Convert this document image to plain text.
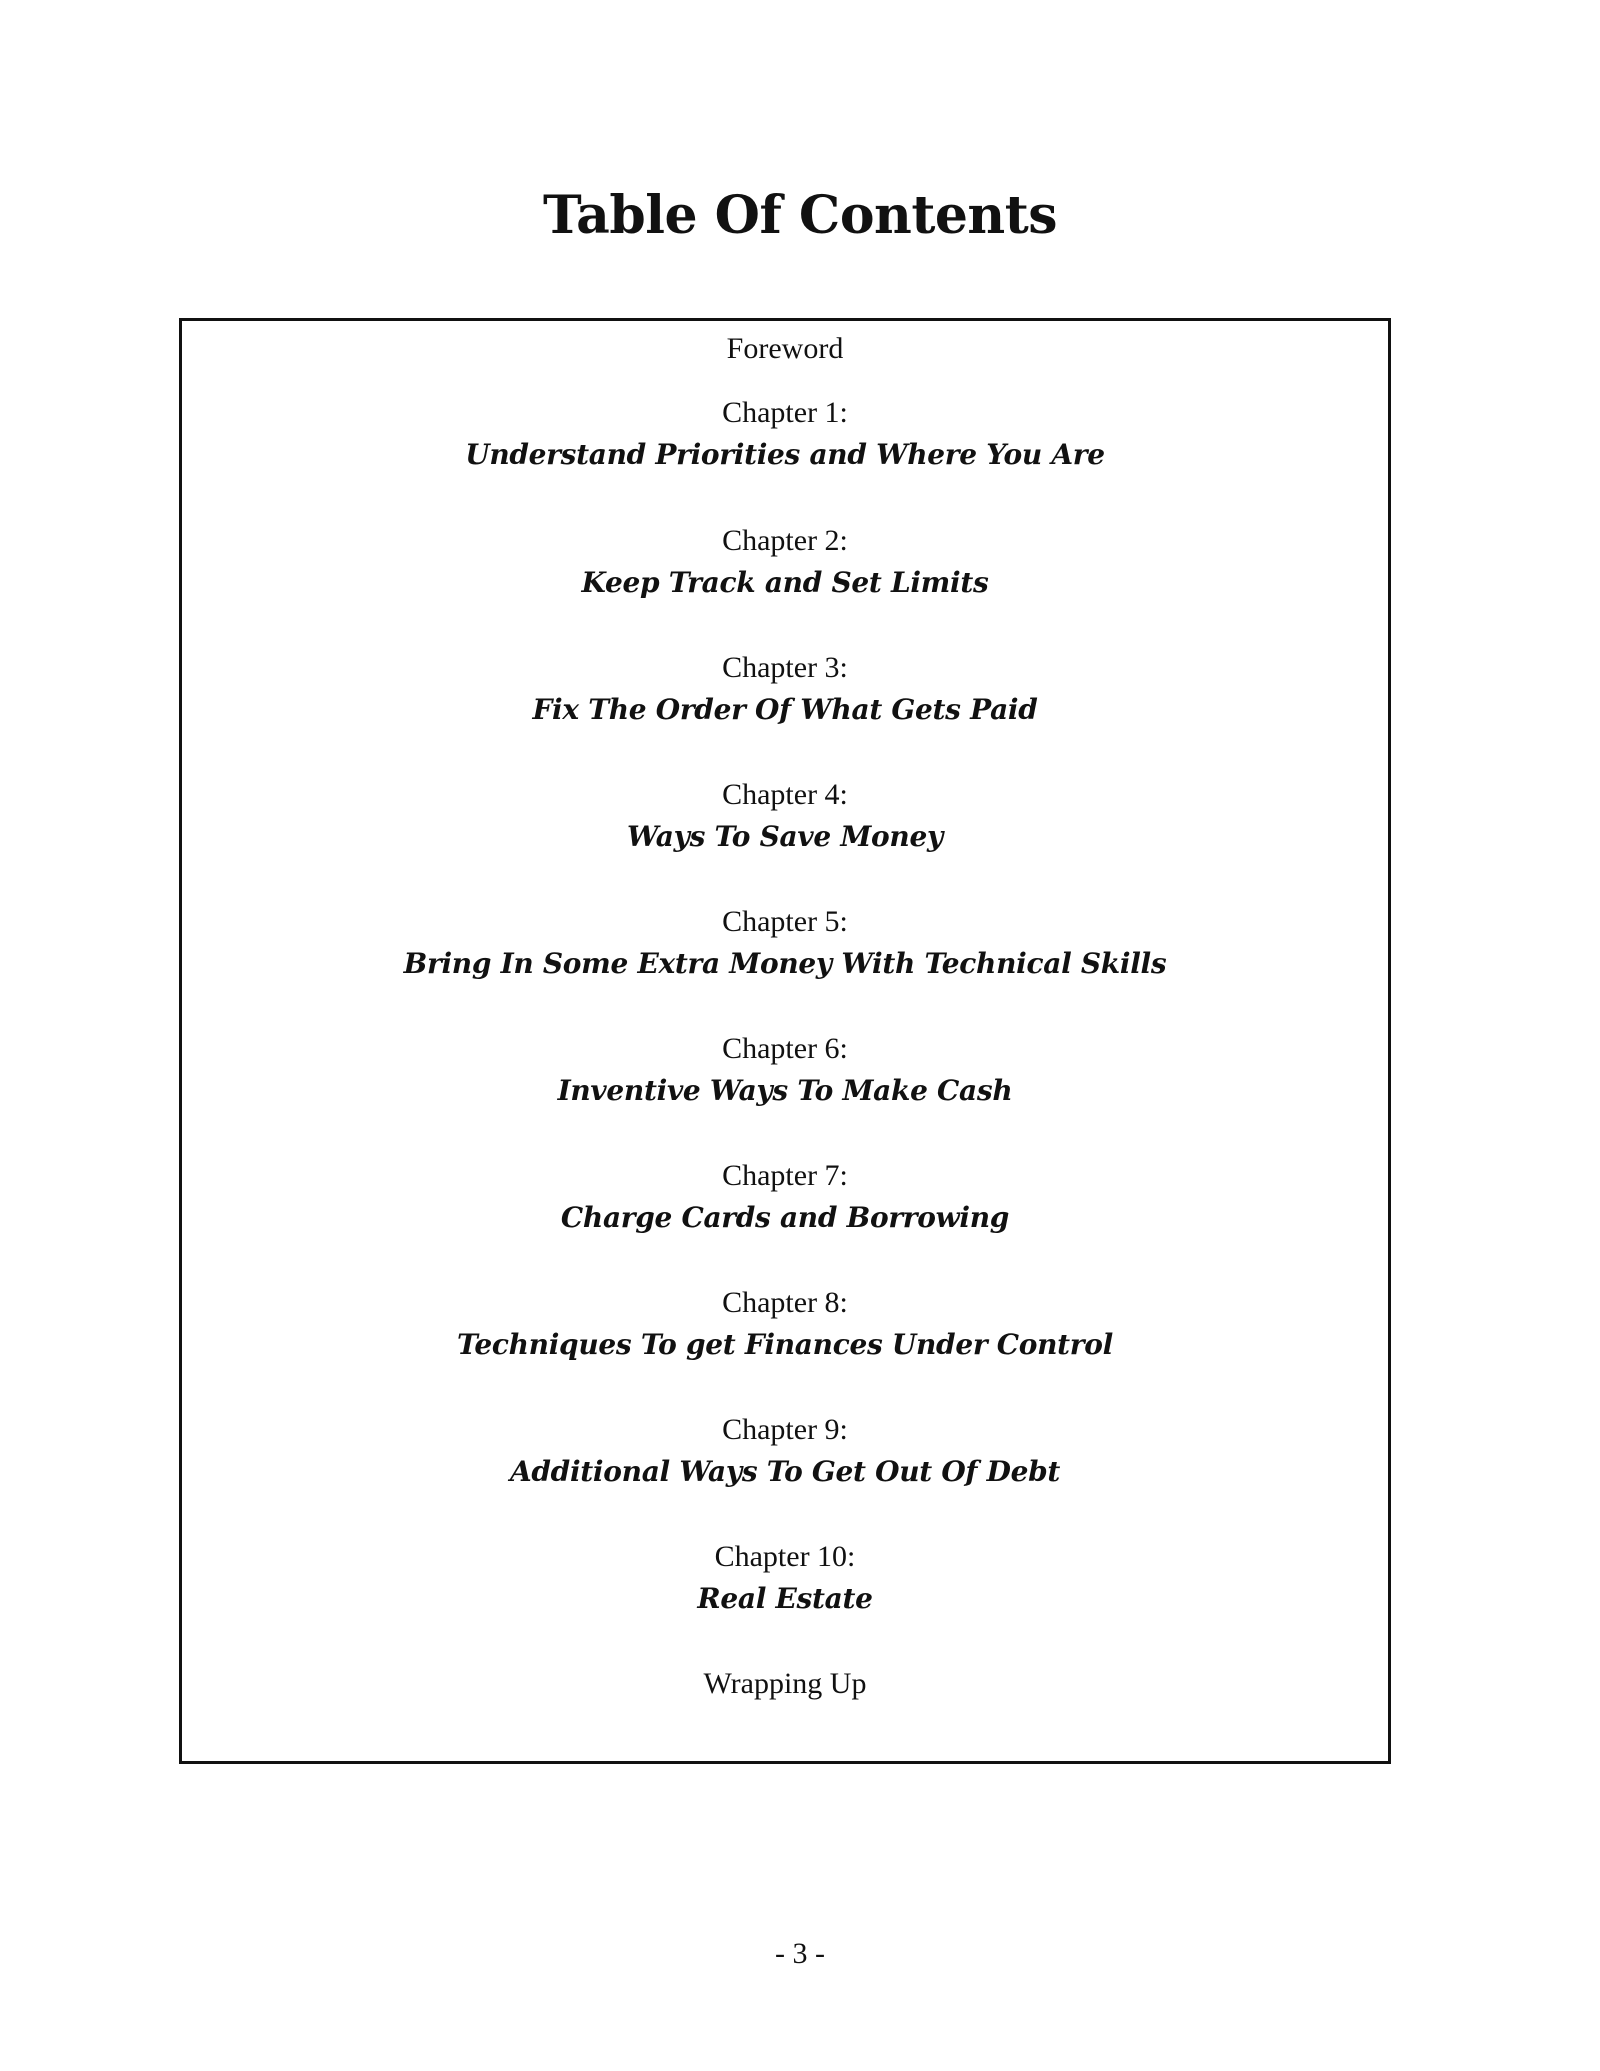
Table Of Contents
Foreword
Chapter 1:
Understand Priorities and Where You Are
Chapter 2:
Keep Track and Set Limits
Chapter 3:
Fix The Order Of What Gets Paid
Chapter 4:
Ways To Save Money
Chapter 5:
Bring In Some Extra Money With Technical Skills
Chapter 6:
Inventive Ways To Make Cash
Chapter 7:
Charge Cards and Borrowing
Chapter 8:
Techniques To get Finances Under Control
Chapter 9:
Additional Ways To Get Out Of Debt
Chapter 10:
Real Estate
Wrapping Up
- 3 -
